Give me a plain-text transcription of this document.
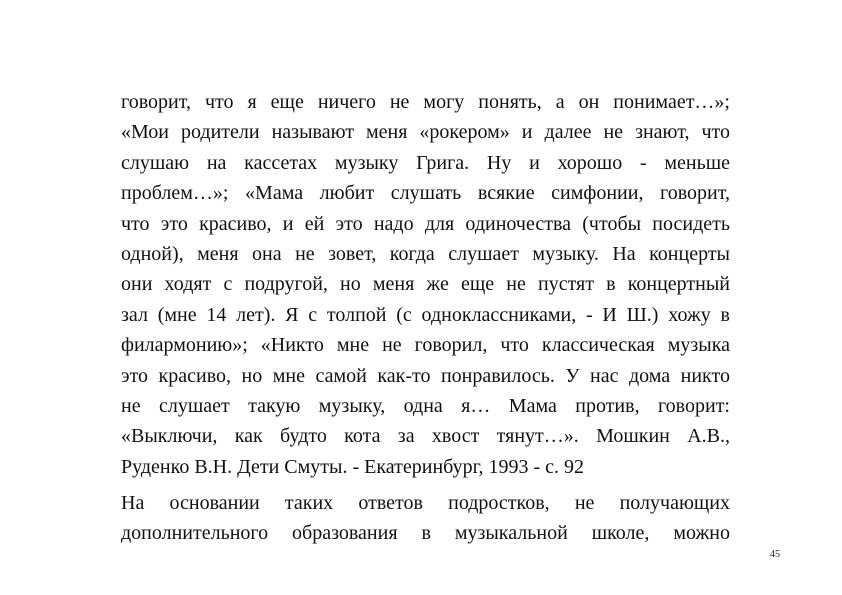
говорит, что я еще ничего не могу понять, а он понимает…»;
«Мои родители называют меня «рокером» и далее не знают, что
слушаю на кассетах музыку Грига. Ну и хорошо - меньше
проблем…»; «Мама любит слушать всякие симфонии, говорит,
что это красиво, и ей это надо для одиночества (чтобы посидеть
одной), меня она не зовет, когда слушает музыку. На концерты
они ходят с подругой, но меня же еще не пустят в концертный
зал (мне 14 лет). Я с толпой (с одноклассниками, - И Ш.) хожу в
филармонию»; «Никто мне не говорил, что классическая музыка
это красиво, но мне самой как-то понравилось. У нас дома никто
не слушает такую музыку, одна я… Мама против, говорит:
«Выключи, как будто кота за хвост тянут…». Мошкин А.В.,
Руденко В.Н. Дети Смуты. - Екатеринбург, 1993 - с. 92
На основании таких ответов подростков, не получающих
дополнительного образования в музыкальной школе, можно
45
